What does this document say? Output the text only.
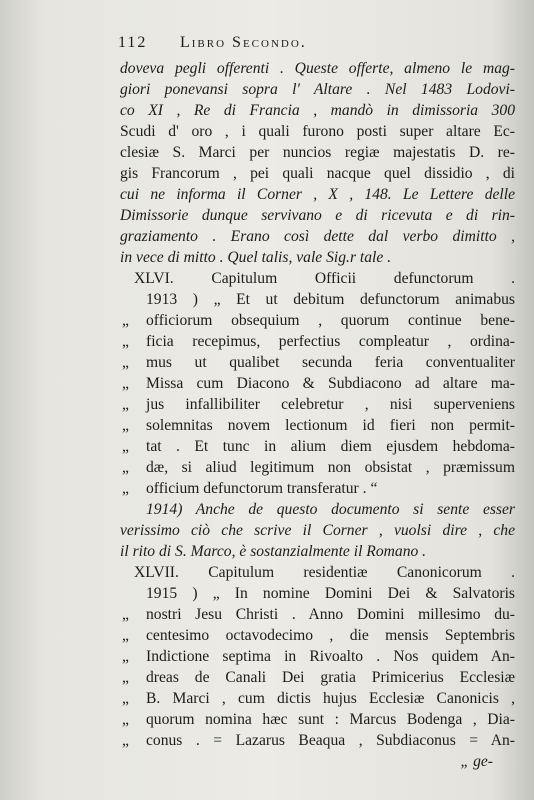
112 Libro Secondo.
doveva pegli offerenti . Queste offerte, almeno le mag-
giori ponevansi sopra l' Altare . Nel 1483 Lodovi-
co XI , Re di Francia , mandò in dimissoria 300
Scudi d' oro , i quali furono posti super altare Ec-
clesiæ S. Marci per nuncios regiæ majestatis D. re-
gis Francorum , pei quali nacque quel dissidio , di
cui ne informa il Corner , X , 148. Le Lettere delle
Dimissorie dunque servivano e di ricevuta e di rin-
graziamento . Erano così dette dal verbo dimitto ,
in vece di mitto . Quel talis, vale Sig.r tale .
XLVI. Capitulum Officii defunctorum .
1913 ) „ Et ut debitum defunctorum animabus
„ officiorum obsequium , quorum continue bene-
„ ficia recepimus, perfectius compleatur , ordina-
„ mus ut qualibet secunda feria conventualiter
„ Missa cum Diacono & Subdiacono ad altare ma-
„ jus infallibiliter celebretur , nisi superveniens
„ solemnitas novem lectionum id fieri non permit-
„ tat . Et tunc in alium diem ejusdem hebdoma-
„ dæ, si aliud legitimum non obsistat , præmissum
„ officium defunctorum transferatur . “
1914) Anche de questo documento si sente esser
verissimo ciò che scrive il Corner , vuolsi dire , che
il rito di S. Marco, è sostanzialmente il Romano .
XLVII. Capitulum residentiæ Canonicorum .
1915 ) „ In nomine Domini Dei & Salvatoris
„ nostri Jesu Christi . Anno Domini millesimo du-
„ centesimo octavodecimo , die mensis Septembris
„ Indictione septima in Rivoalto . Nos quidem An-
„ dreas de Canali Dei gratia Primicerius Ecclesiæ
„ B. Marci , cum dictis hujus Ecclesiæ Canonicis ,
„ quorum nomina hæc sunt : Marcus Bodenga , Dia-
„ conus . = Lazarus Beaqua , Subdiaconus = An-
„ ge-
